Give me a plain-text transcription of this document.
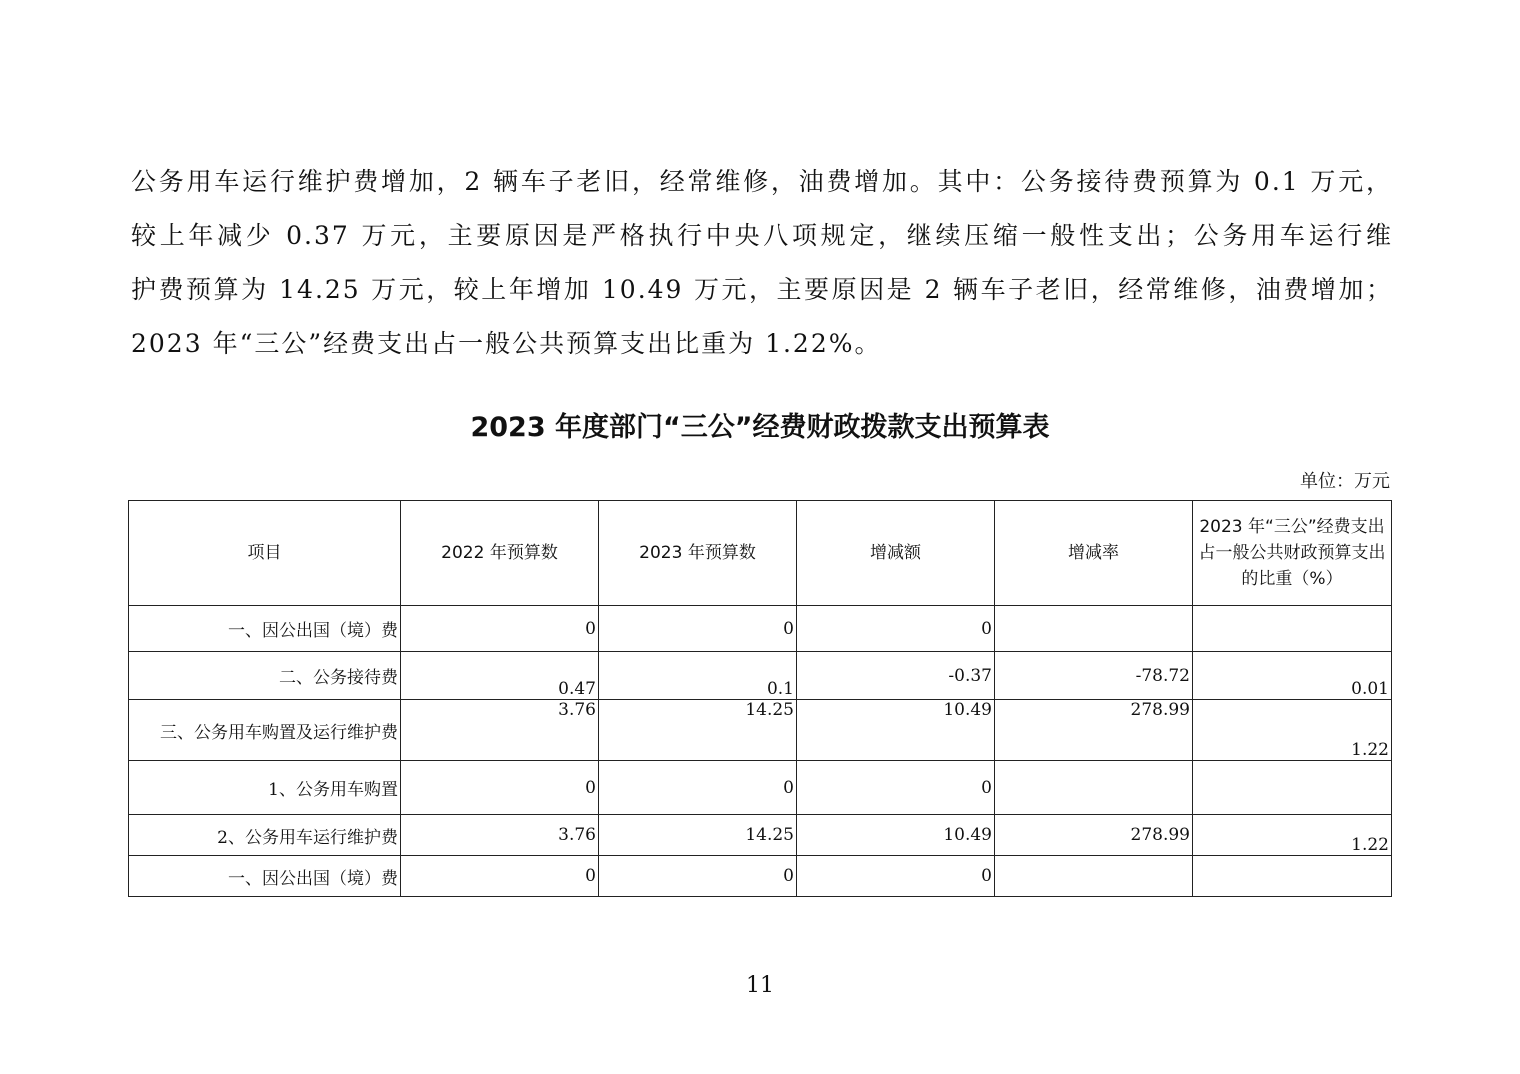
公务用车运行维护费增加，2 辆车子老旧，经常维修，油费增加。其中：公务接待费预算为 0.1 万元，
较上年减少 0.37 万元，主要原因是严格执行中央八项规定，继续压缩一般性支出；公务用车运行维
护费预算为 14.25 万元，较上年增加 10.49 万元，主要原因是 2 辆车子老旧，经常维修，油费增加；
2023 年“三公”经费支出占一般公共预算支出比重为 1.22%。
2023 年度部门“三公”经费财政拨款支出预算表
单位：万元
项目	2022 年预算数	2023 年预算数	增减额	增减率	2023 年“三公”经费支出占一般公共财政预算支出的比重（%）
一、因公出国（境）费	0	0	0		
二、公务接待费	0.47	0.1	-0.37	-78.72	0.01
三、公务用车购置及运行维护费	3.76	14.25	10.49	278.99	1.22
1、公务用车购置	0	0	0		
2、公务用车运行维护费	3.76	14.25	10.49	278.99	1.22
一、因公出国（境）费	0	0	0		
11
